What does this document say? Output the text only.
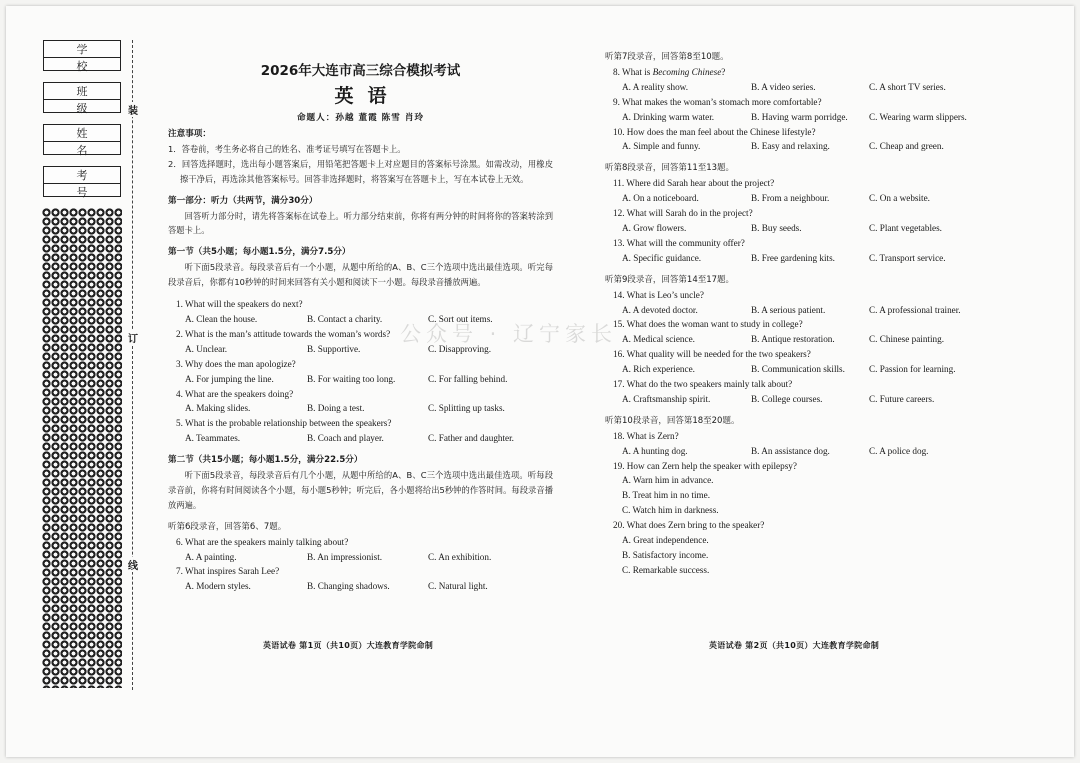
学 校
班 级
姓 名
考 号
装
订
线
2026年大连市高三综合模拟考试
英语
命题人：孙越 董霞 陈雪 肖玲
注意事项：
1．答卷前，考生务必将自己的姓名、准考证号填写在答题卡上。
2．回答选择题时，选出每小题答案后，用铅笔把答题卡上对应题目的答案标号涂黑。如需改动，用橡皮擦干净后，再选涂其他答案标号。回答非选择题时，将答案写在答题卡上，写在本试卷上无效。
第一部分：听力（共两节，满分30分）
回答听力部分时，请先将答案标在试卷上。听力部分结束前，你将有两分钟的时间将你的答案转涂到答题卡上。
第一节（共5小题；每小题1.5分，满分7.5分）
听下面5段录音。每段录音后有一个小题，从题中所给的A、B、C三个选项中选出最佳选项。听完每段录音后，你都有10秒钟的时间来回答有关小题和阅读下一小题。每段录音播放两遍。
1. What will the speakers do next?
A. Clean the house.	B. Contact a charity.	C. Sort out items.
2. What is the man’s attitude towards the woman’s words?
A. Unclear.	B. Supportive.	C. Disapproving.
3. Why does the man apologize?
A. For jumping the line.	B. For waiting too long.	C. For falling behind.
4. What are the speakers doing?
A. Making slides.	B. Doing a test.	C. Splitting up tasks.
5. What is the probable relationship between the speakers?
A. Teammates.	B. Coach and player.	C. Father and daughter.
第二节（共15小题；每小题1.5分，满分22.5分）
听下面5段录音，每段录音后有几个小题，从题中所给的A、B、C三个选项中选出最佳选项。听每段录音前，你将有时间阅读各个小题，每小题5秒钟；听完后，各小题将给出5秒钟的作答时间。每段录音播放两遍。
听第6段录音，回答第6、7题。
6. What are the speakers mainly talking about?
A. A painting.	B. An impressionist.	C. An exhibition.
7. What inspires Sarah Lee?
A. Modern styles.	B. Changing shadows.	C. Natural light.
英语试卷 第1页（共10页）大连教育学院命制
听第7段录音，回答第8至10题。
8. What is Becoming Chinese?
A. A reality show.	B. A video series.	C. A short TV series.
9. What makes the woman’s stomach more comfortable?
A. Drinking warm water.	B. Having warm porridge.	C. Wearing warm slippers.
10. How does the man feel about the Chinese lifestyle?
A. Simple and funny.	B. Easy and relaxing.	C. Cheap and green.
听第8段录音，回答第11至13题。
11. Where did Sarah hear about the project?
A. On a noticeboard.	B. From a neighbour.	C. On a website.
12. What will Sarah do in the project?
A. Grow flowers.	B. Buy seeds.	C. Plant vegetables.
13. What will the community offer?
A. Specific guidance.	B. Free gardening kits.	C. Transport service.
听第9段录音，回答第14至17题。
14. What is Leo’s uncle?
A. A devoted doctor.	B. A serious patient.	C. A professional trainer.
15. What does the woman want to study in college?
A. Medical science.	B. Antique restoration.	C. Chinese painting.
16. What quality will be needed for the two speakers?
A. Rich experience.	B. Communication skills.	C. Passion for learning.
17. What do the two speakers mainly talk about?
A. Craftsmanship spirit.	B. College courses.	C. Future careers.
听第10段录音，回答第18至20题。
18. What is Zern?
A. A hunting dog.	B. An assistance dog.	C. A police dog.
19. How can Zern help the speaker with epilepsy?
A. Warn him in advance.
B. Treat him in no time.
C. Watch him in darkness.
20. What does Zern bring to the speaker?
A. Great independence.
B. Satisfactory income.
C. Remarkable success.
英语试卷 第2页（共10页）大连教育学院命制
公众号 · 辽宁家长
